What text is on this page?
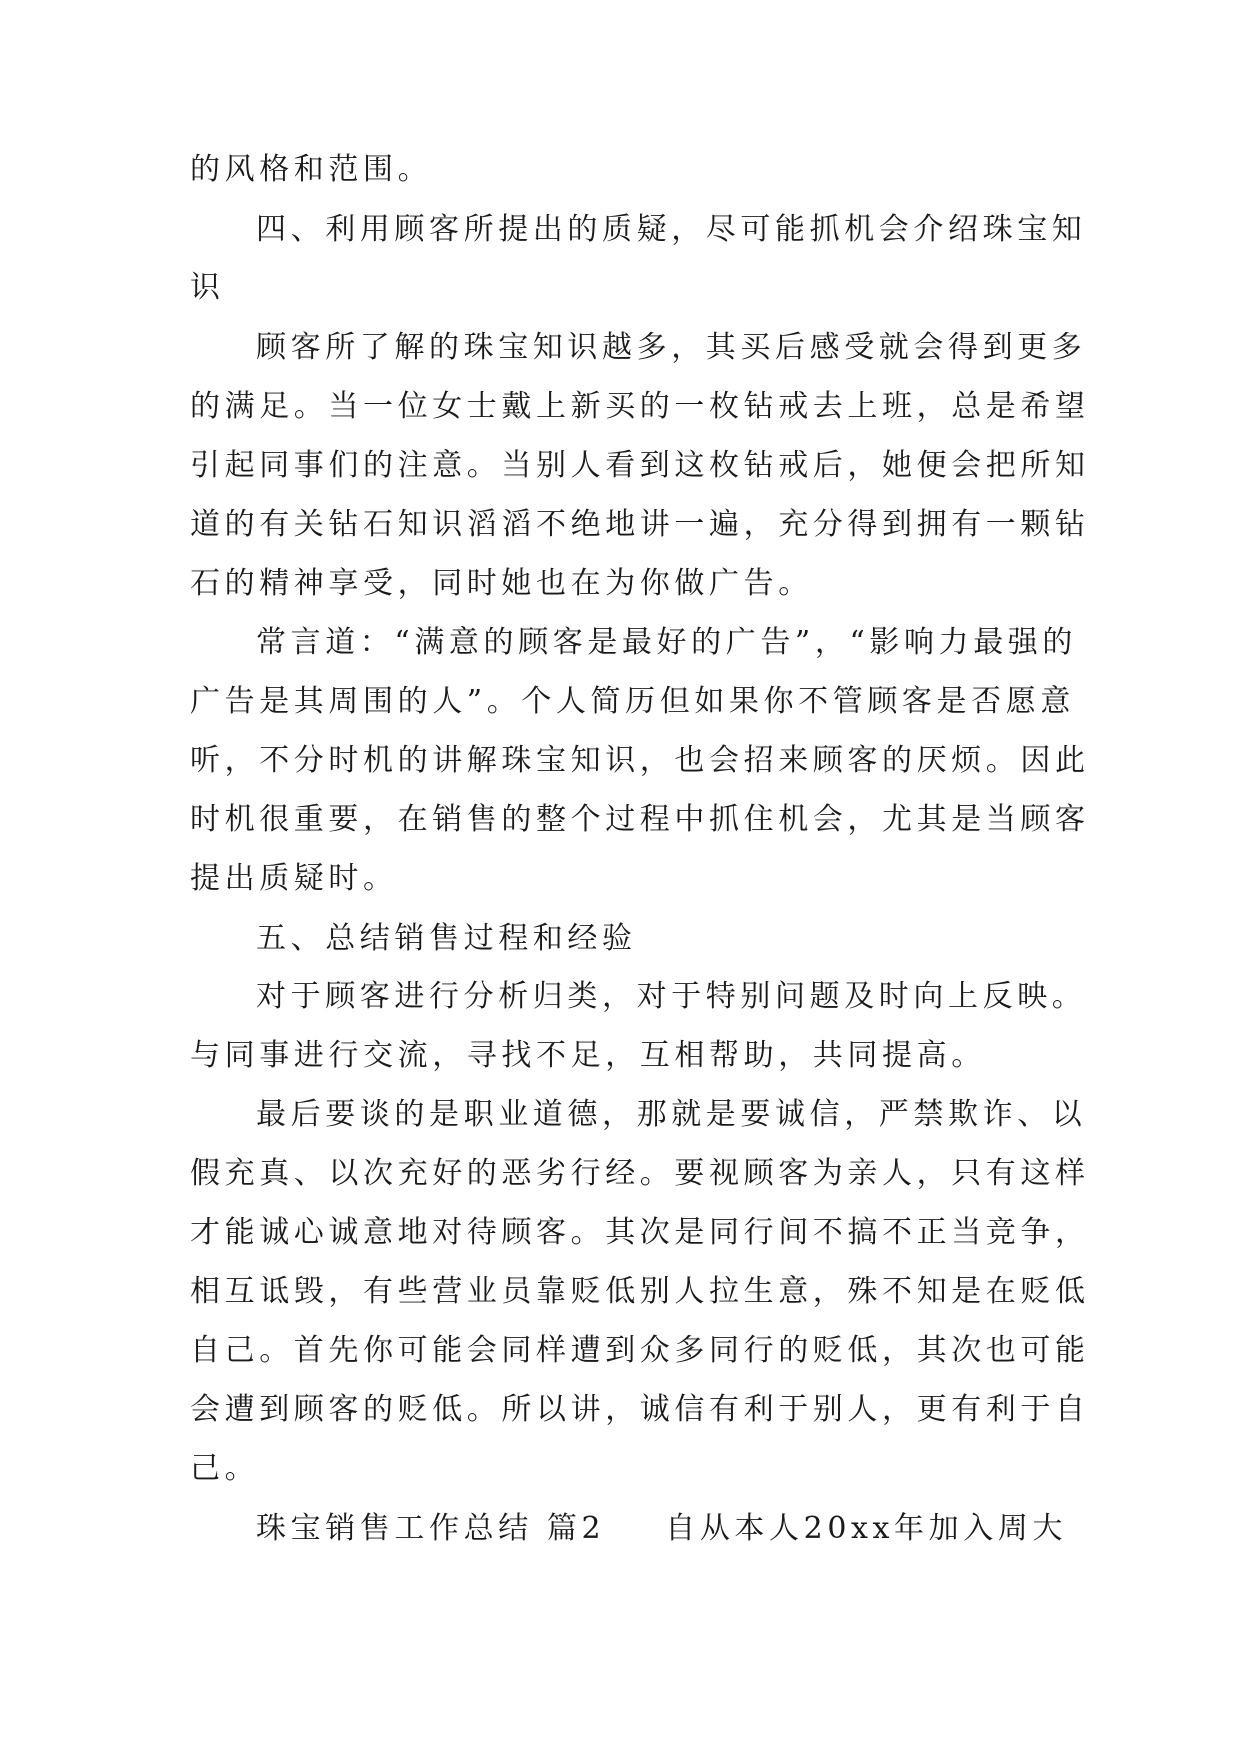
的风格和范围。
四、利用顾客所提出的质疑，尽可能抓机会介绍珠宝知
识
顾客所了解的珠宝知识越多，其买后感受就会得到更多
的满足。当一位女士戴上新买的一枚钻戒去上班，总是希望
引起同事们的注意。当别人看到这枚钻戒后，她便会把所知
道的有关钻石知识滔滔不绝地讲一遍，充分得到拥有一颗钻
石的精神享受，同时她也在为你做广告。
常言道：“满意的顾客是最好的广告”，“影响力最强的
广告是其周围的人”。个人简历但如果你不管顾客是否愿意
听，不分时机的讲解珠宝知识，也会招来顾客的厌烦。因此
时机很重要，在销售的整个过程中抓住机会，尤其是当顾客
提出质疑时。
五、总结销售过程和经验
对于顾客进行分析归类，对于特别问题及时向上反映。
与同事进行交流，寻找不足，互相帮助，共同提高。
最后要谈的是职业道德，那就是要诚信，严禁欺诈、以
假充真、以次充好的恶劣行经。要视顾客为亲人，只有这样
才能诚心诚意地对待顾客。其次是同行间不搞不正当竞争，
相互诋毁，有些营业员靠贬低别人拉生意，殊不知是在贬低
自己。首先你可能会同样遭到众多同行的贬低，其次也可能
会遭到顾客的贬低。所以讲，诚信有利于别人，更有利于自
己。
珠宝销售工作总结 篇2 自从本人20xx年加入周大
